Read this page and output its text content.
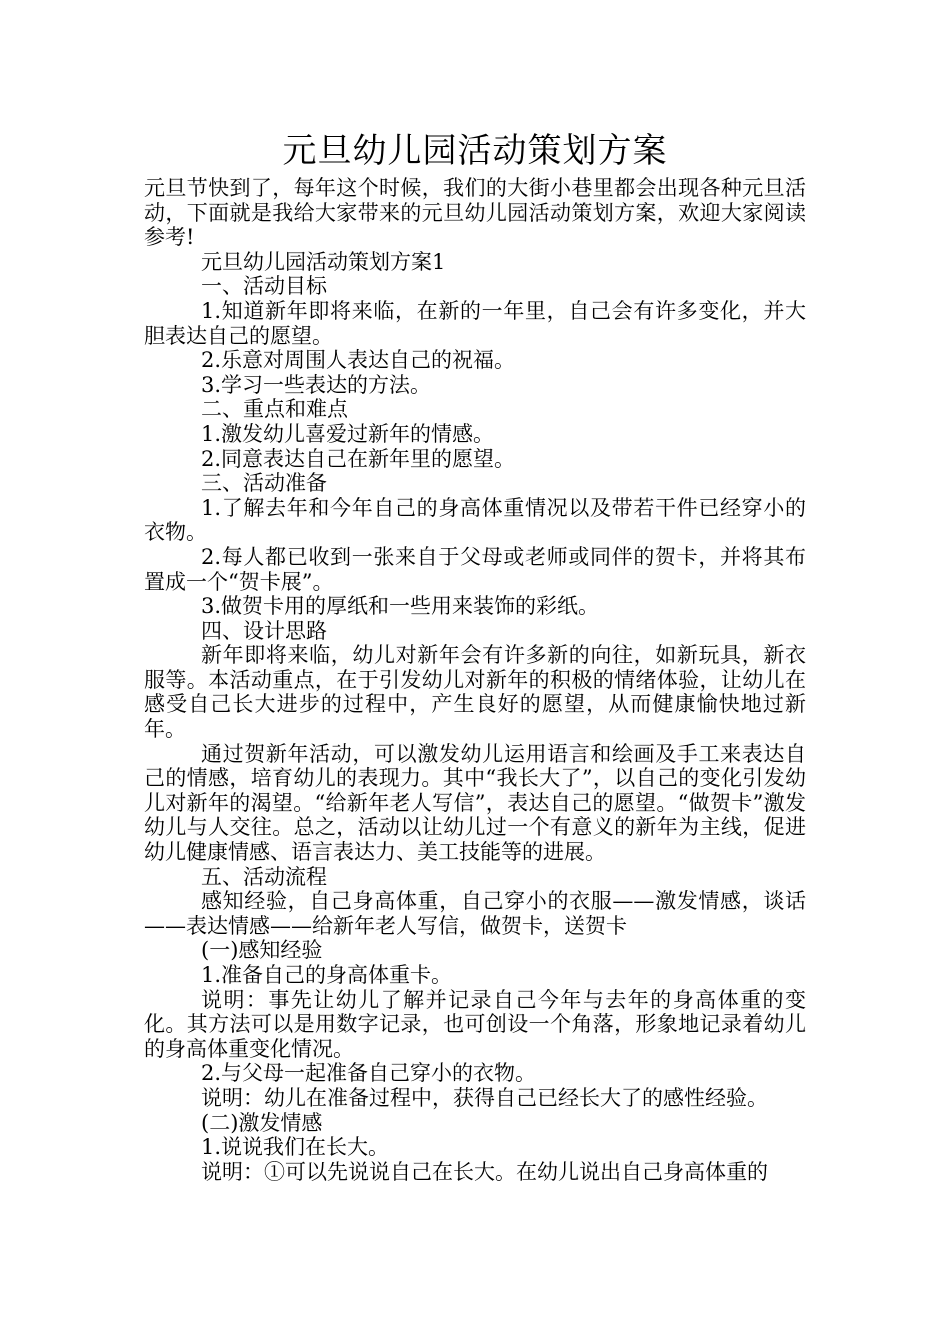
元旦幼儿园活动策划方案

元旦节快到了，每年这个时候，我们的大街小巷里都会出现各种元旦活动，下面就是我给大家带来的元旦幼儿园活动策划方案，欢迎大家阅读参考!

元旦幼儿园活动策划方案1

一、活动目标

1.知道新年即将来临，在新的一年里，自己会有许多变化，并大胆表达自己的愿望。

2.乐意对周围人表达自己的祝福。

3.学习一些表达的方法。

二、重点和难点

1.激发幼儿喜爱过新年的情感。

2.同意表达自己在新年里的愿望。

三、活动准备

1.了解去年和今年自己的身高体重情况以及带若干件已经穿小的衣物。

2.每人都已收到一张来自于父母或老师或同伴的贺卡，并将其布置成一个“贺卡展”。

3.做贺卡用的厚纸和一些用来装饰的彩纸。

四、设计思路

新年即将来临，幼儿对新年会有许多新的向往，如新玩具，新衣服等。本活动重点，在于引发幼儿对新年的积极的情绪体验，让幼儿在感受自己长大进步的过程中，产生良好的愿望，从而健康愉快地过新年。

通过贺新年活动，可以激发幼儿运用语言和绘画及手工来表达自己的情感，培育幼儿的表现力。其中“我长大了”，以自己的变化引发幼儿对新年的渴望。“给新年老人写信”，表达自己的愿望。“做贺卡”激发幼儿与人交往。总之，活动以让幼儿过一个有意义的新年为主线，促进幼儿健康情感、语言表达力、美工技能等的进展。

五、活动流程

感知经验，自己身高体重，自己穿小的衣服——激发情感，谈话——表达情感——给新年老人写信，做贺卡，送贺卡

(一)感知经验

1.准备自己的身高体重卡。

说明：事先让幼儿了解并记录自己今年与去年的身高体重的变化。其方法可以是用数字记录，也可创设一个角落，形象地记录着幼儿的身高体重变化情况。

2.与父母一起准备自己穿小的衣物。

说明：幼儿在准备过程中，获得自己已经长大了的感性经验。

(二)激发情感

1.说说我们在长大。

说明：①可以先说说自己在长大。在幼儿说出自己身高体重的
